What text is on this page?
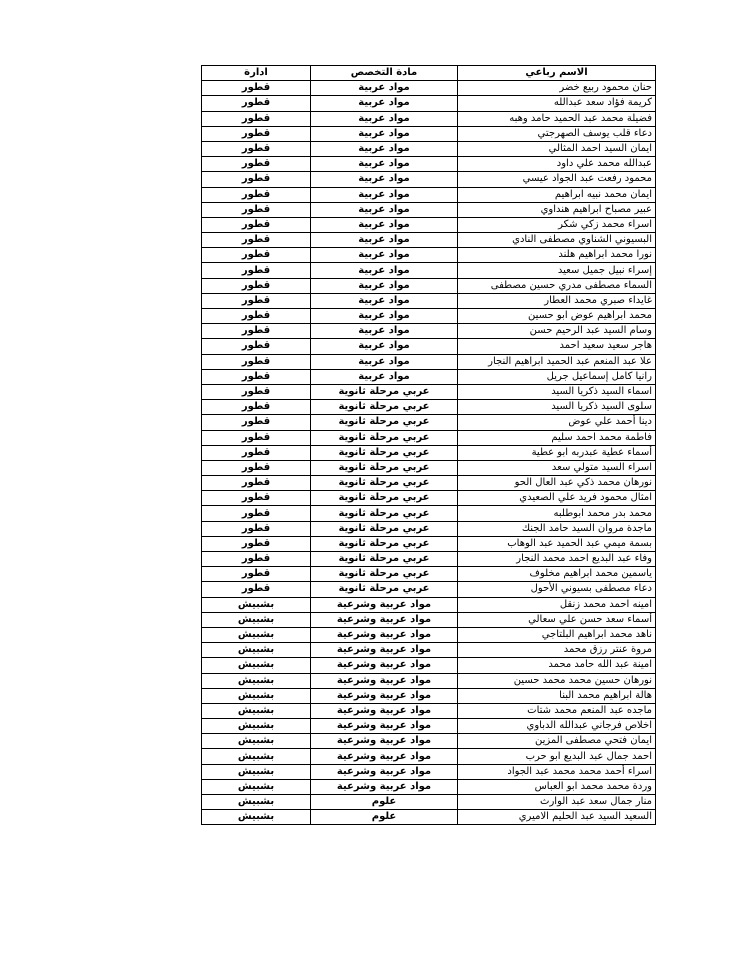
الاسم رباعي	مادة التخصص	ادارة
حنان محمود ربيع خضر	مواد عربية	قطور
كريمة فؤاد سعد عبدالله	مواد عربية	قطور
فضيلة محمد عبد الحميد حامد وهبه	مواد عربية	قطور
دعاء قلب يوسف الصهرجتي	مواد عربية	قطور
ايمان السيد احمد المثالي	مواد عربية	قطور
عبدالله محمد علي داود	مواد عربية	قطور
محمود رفعت عبد الجواد عيسي	مواد عربية	قطور
ايمان محمد نبيه ابراهيم	مواد عربية	قطور
عبير مصباح ابراهيم هنداوي	مواد عربية	قطور
اسراء محمد زكي شكر	مواد عربية	قطور
البسيوني الشناوي مصطفى النادي	مواد عربية	قطور
نورا محمد ابراهيم هلند	مواد عربية	قطور
إسراء نبيل جميل سعيد	مواد عربية	قطور
السماء مصطفى مدري حسين مصطفى	مواد عربية	قطور
غايداء صبري محمد العطار	مواد عربية	قطور
محمد ابراهيم عوض ابو حسين	مواد عربية	قطور
وسام السيد عبد الرحيم حسن	مواد عربية	قطور
هاجر سعيد سعيد احمد	مواد عربية	قطور
علا عبد المنعم عبد الحميد ابراهيم النجار	مواد عربية	قطور
رانيا كامل إسماعيل جريل	مواد عربية	قطور
اسماء السيد ذكريا السيد	عربي مرحلة ثانوية	قطور
سلوى السيد ذكريا السيد	عربي مرحلة ثانوية	قطور
دينا أحمد علي عوض	عربي مرحلة ثانوية	قطور
فاطمة محمد احمد سليم	عربي مرحلة ثانوية	قطور
أسماء عطية عبدربه ابو عطية	عربي مرحلة ثانوية	قطور
اسراء السيد متولي سعد	عربي مرحلة ثانوية	قطور
نورهان محمد ذكي عبد العال الحو	عربي مرحلة ثانوية	قطور
امثال محمود فريد علي الصعيدي	عربي مرحلة ثانوية	قطور
محمد بدر محمد ابوطلبه	عربي مرحلة ثانوية	قطور
ماجدة مروان السيد حامد الجنك	عربي مرحلة ثانوية	قطور
بسمة ميمي عبد الحميد عبد الوهاب	عربي مرحلة ثانوية	قطور
وفاء عبد البديع احمد محمد النجار	عربي مرحلة ثانوية	قطور
ياسمين محمد ابراهيم مخلوف	عربي مرحلة ثانوية	قطور
دعاء مصطفى بسيوني الأحول	عربي مرحلة ثانوية	قطور
امينه احمد محمد زنقل	مواد عربية وشرعية	بشبيش
أسماء سعد حسن علي سعالي	مواد عربية وشرعية	بشبيش
ناهد محمد ابراهيم البلتاجي	مواد عربية وشرعية	بشبيش
مروة عنتر رزق محمد	مواد عربية وشرعية	بشبيش
امينة عبد الله حامد محمد	مواد عربية وشرعية	بشبيش
نورهان حسين محمد محمد حسين	مواد عربية وشرعية	بشبيش
هالة ابراهيم محمد البنا	مواد عربية وشرعية	بشبيش
ماجده عبد المنعم محمد شتات	مواد عربية وشرعية	بشبيش
اخلاص فرجاني عبدالله الدباوي	مواد عربية وشرعية	بشبيش
ايمان فتحي مصطفى المزين	مواد عربية وشرعية	بشبيش
احمد جمال عبد البديع ابو حرب	مواد عربية وشرعية	بشبيش
اسراء أحمد محمد محمد عبد الجواد	مواد عربية وشرعية	بشبيش
وردة محمد محمد ابو العباس	مواد عربية وشرعية	بشبيش
منار جمال سعد عبد الوارث	علوم	بشبيش
السعيد السيد عبد الحليم الاميري	علوم	بشبيش
